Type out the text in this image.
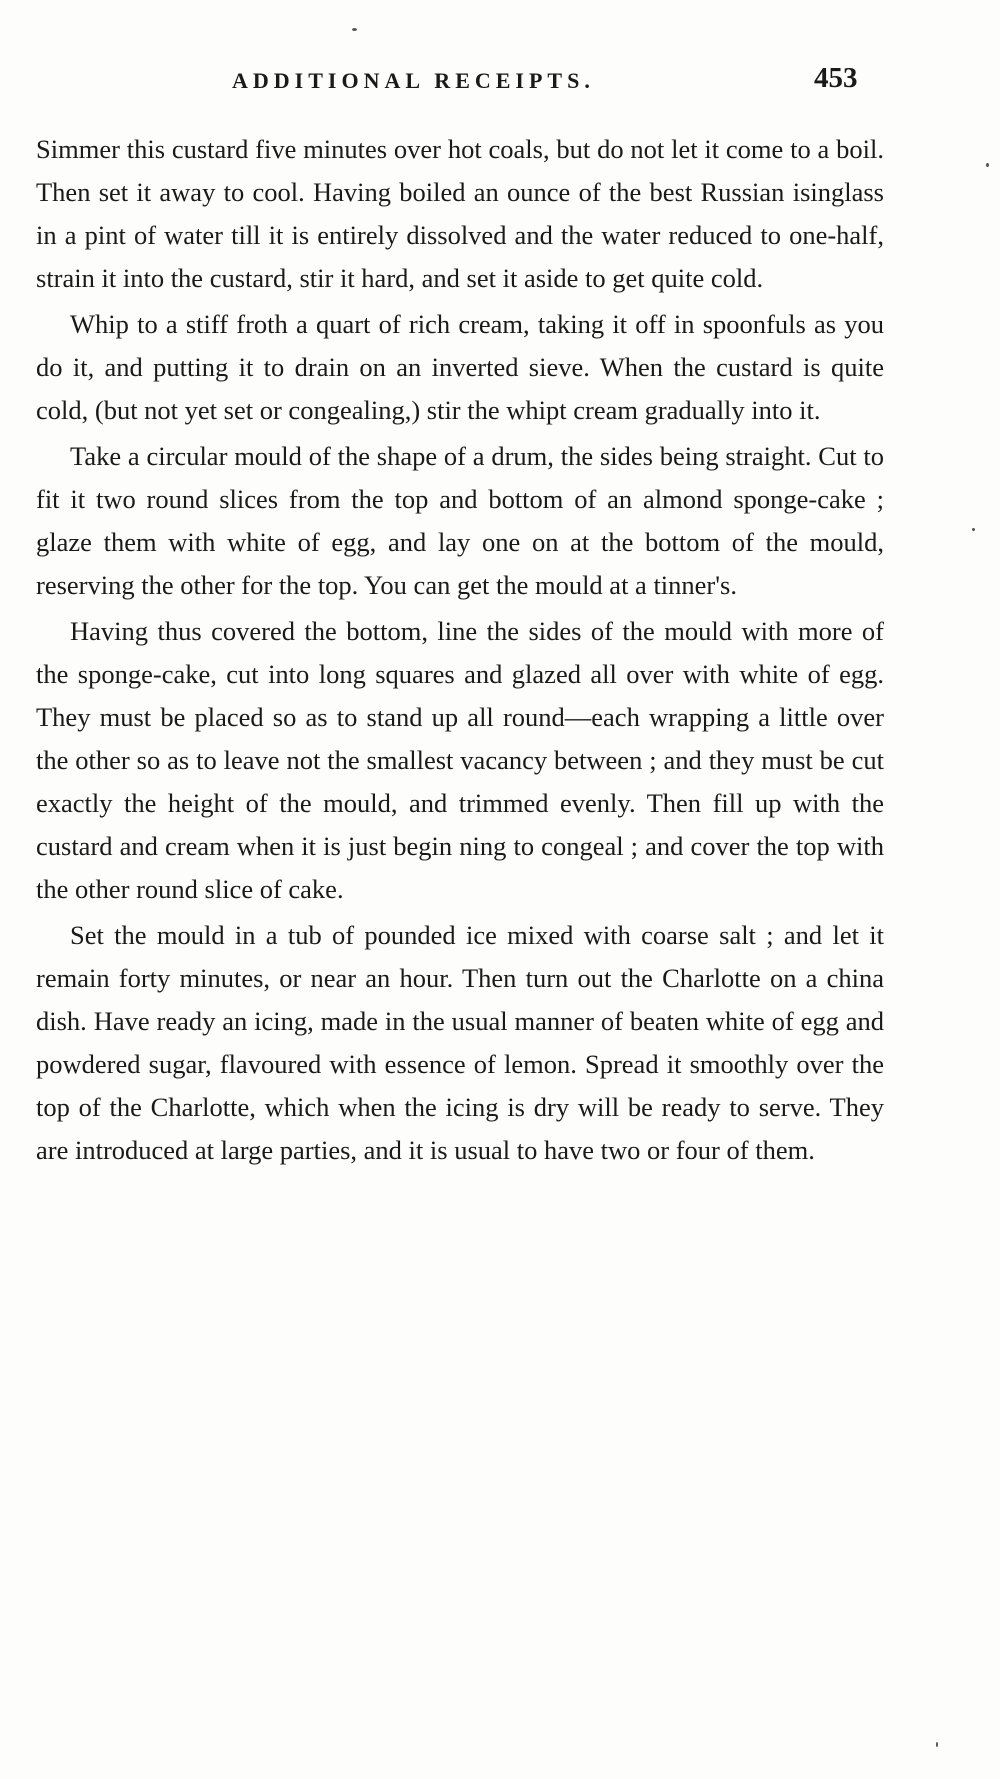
ADDITIONAL RECEIPTS.	453

Simmer this custard five minutes over hot coals, but do not let it come to a boil. Then set it away to cool. Having boiled an ounce of the best Russian isinglass in a pint of water till it is entirely dissolved and the water reduced to one-half, strain it into the custard, stir it hard, and set it aside to get quite cold.

Whip to a stiff froth a quart of rich cream, taking it off in spoonfuls as you do it, and putting it to drain on an inverted sieve. When the custard is quite cold, (but not yet set or congealing,) stir the whipt cream gradually into it.

Take a circular mould of the shape of a drum, the sides being straight. Cut to fit it two round slices from the top and bottom of an almond sponge-cake ; glaze them with white of egg, and lay one on at the bottom of the mould, reserving the other for the top. You can get the mould at a tinner's.

Having thus covered the bottom, line the sides of the mould with more of the sponge-cake, cut into long squares and glazed all over with white of egg. They must be placed so as to stand up all round—each wrapping a little over the other so as to leave not the smallest vacancy between ; and they must be cut exactly the height of the mould, and trimmed evenly. Then fill up with the custard and cream when it is just begin ning to congeal ; and cover the top with the other round slice of cake.

Set the mould in a tub of pounded ice mixed with coarse salt ; and let it remain forty minutes, or near an hour. Then turn out the Charlotte on a china dish. Have ready an icing, made in the usual manner of beaten white of egg and powdered sugar, flavoured with essence of lemon. Spread it smoothly over the top of the Charlotte, which when the icing is dry will be ready to serve. They are introduced at large parties, and it is usual to have two or four of them.
